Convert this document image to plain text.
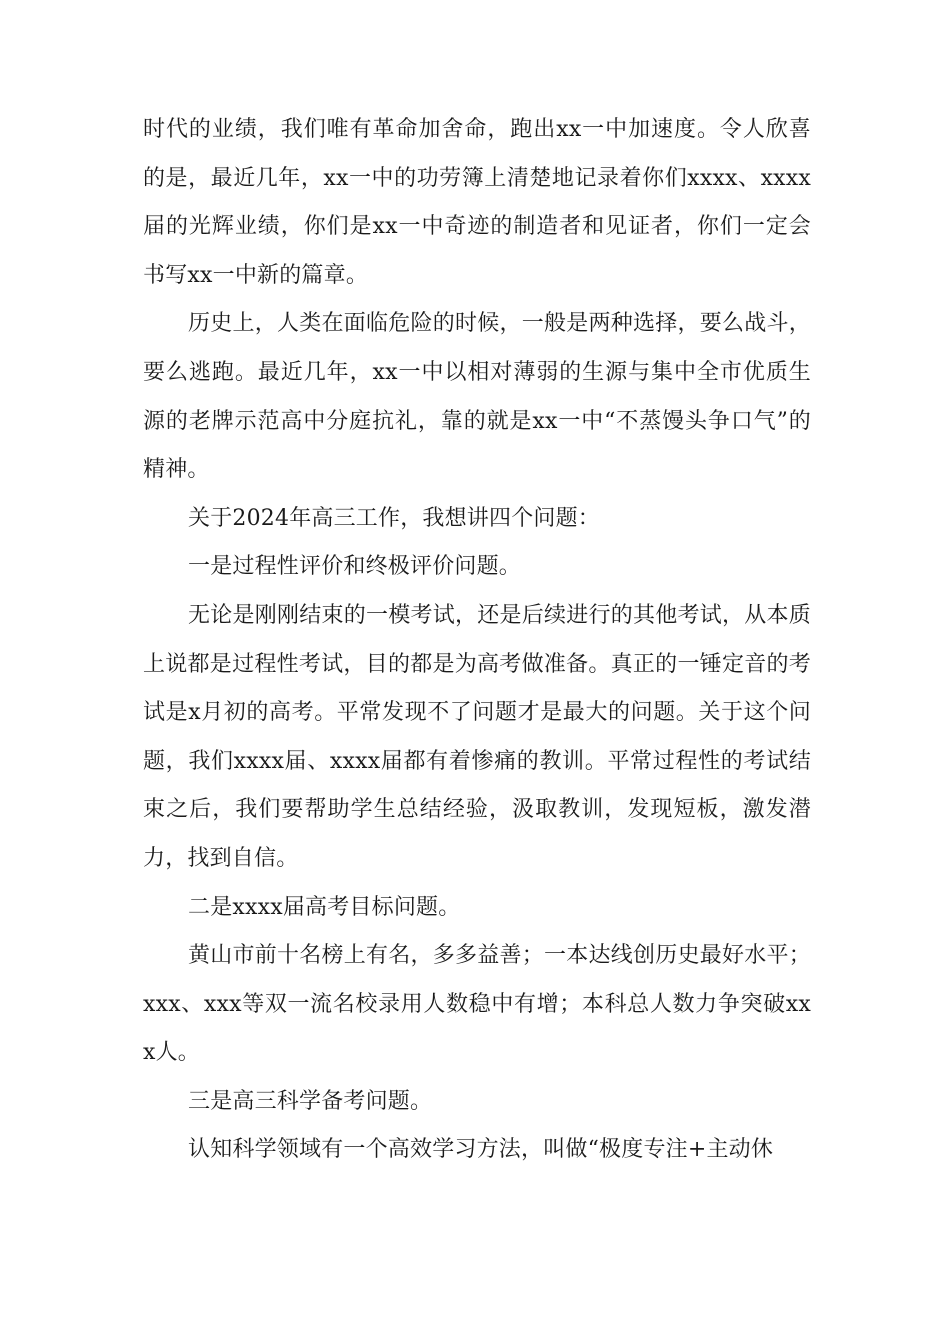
时代的业绩，我们唯有革命加舍命，跑出xx一中加速度。令人欣喜的是，最近几年，xx一中的功劳簿上清楚地记录着你们xxxx、xxxx届的光辉业绩，你们是xx一中奇迹的制造者和见证者，你们一定会书写xx一中新的篇章。

历史上，人类在面临危险的时候，一般是两种选择，要么战斗，要么逃跑。最近几年，xx一中以相对薄弱的生源与集中全市优质生源的老牌示范高中分庭抗礼，靠的就是xx一中“不蒸馒头争口气”的精神。

关于2024年高三工作，我想讲四个问题：

一是过程性评价和终极评价问题。

无论是刚刚结束的一模考试，还是后续进行的其他考试，从本质上说都是过程性考试，目的都是为高考做准备。真正的一锤定音的考试是x月初的高考。平常发现不了问题才是最大的问题。关于这个问题，我们xxxx届、xxxx届都有着惨痛的教训。平常过程性的考试结束之后，我们要帮助学生总结经验，汲取教训，发现短板，激发潜力，找到自信。

二是xxxx届高考目标问题。

黄山市前十名榜上有名，多多益善；一本达线创历史最好水平；xxx、xxx等双一流名校录用人数稳中有增；本科总人数力争突破xxx人。

三是高三科学备考问题。

认知科学领域有一个高效学习方法，叫做“极度专注+主动休
